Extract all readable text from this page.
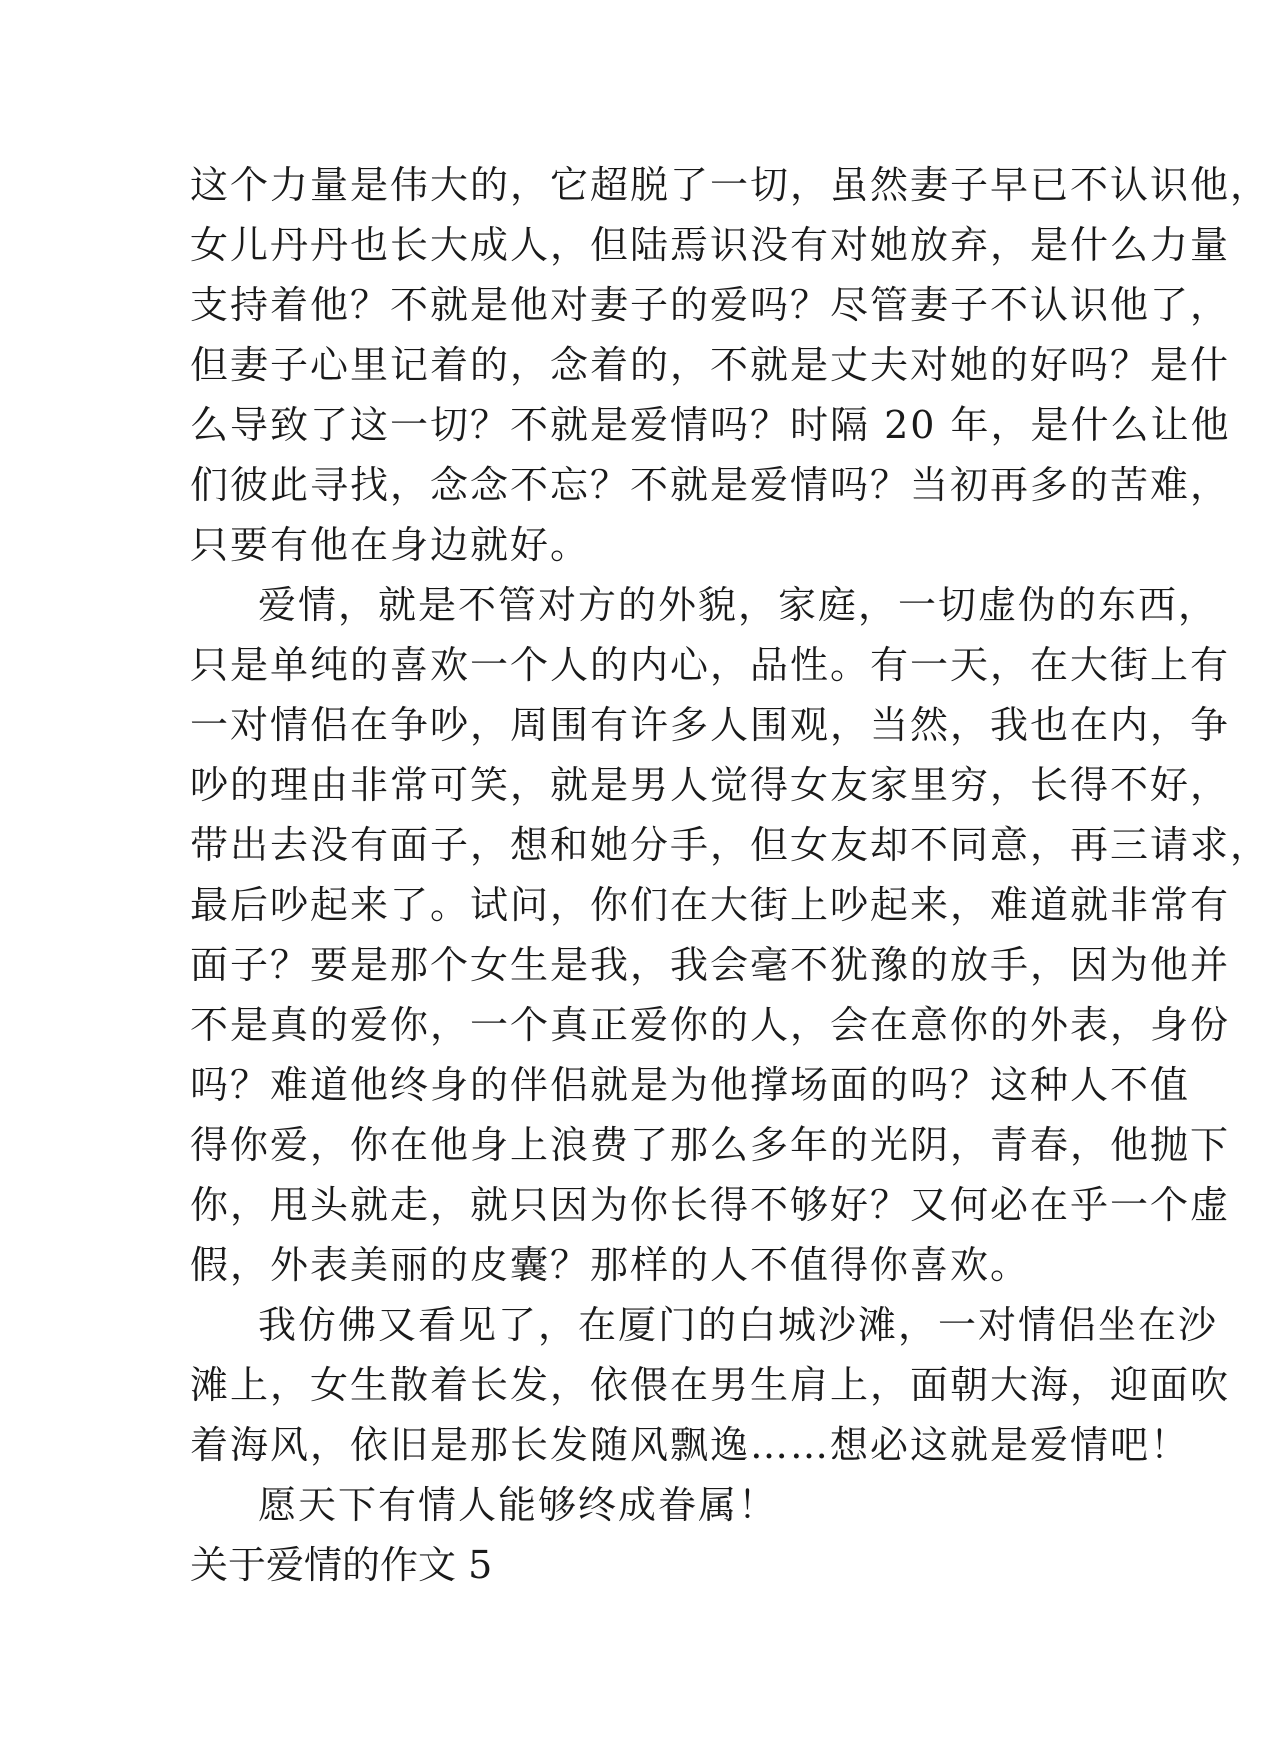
这个力量是伟大的，它超脱了一切，虽然妻子早已不认识他，
女儿丹丹也长大成人，但陆焉识没有对她放弃，是什么力量
支持着他？不就是他对妻子的爱吗？尽管妻子不认识他了，
但妻子心里记着的，念着的，不就是丈夫对她的好吗？是什
么导致了这一切？不就是爱情吗？时隔 20 年，是什么让他
们彼此寻找，念念不忘？不就是爱情吗？当初再多的苦难，
只要有他在身边就好。
爱情，就是不管对方的外貌，家庭，一切虚伪的东西，
只是单纯的喜欢一个人的内心，品性。有一天，在大街上有
一对情侣在争吵，周围有许多人围观，当然，我也在内，争
吵的理由非常可笑，就是男人觉得女友家里穷，长得不好，
带出去没有面子，想和她分手，但女友却不同意，再三请求，
最后吵起来了。试问，你们在大街上吵起来，难道就非常有
面子？要是那个女生是我，我会毫不犹豫的放手，因为他并
不是真的爱你，一个真正爱你的人，会在意你的外表，身份
吗？难道他终身的伴侣就是为他撑场面的吗？这种人不值
得你爱，你在他身上浪费了那么多年的光阴，青春，他抛下
你，甩头就走，就只因为你长得不够好？又何必在乎一个虚
假，外表美丽的皮囊？那样的人不值得你喜欢。
我仿佛又看见了，在厦门的白城沙滩，一对情侣坐在沙
滩上，女生散着长发，依偎在男生肩上，面朝大海，迎面吹
着海风，依旧是那长发随风飘逸……想必这就是爱情吧！
愿天下有情人能够终成眷属！
关于爱情的作文 5
